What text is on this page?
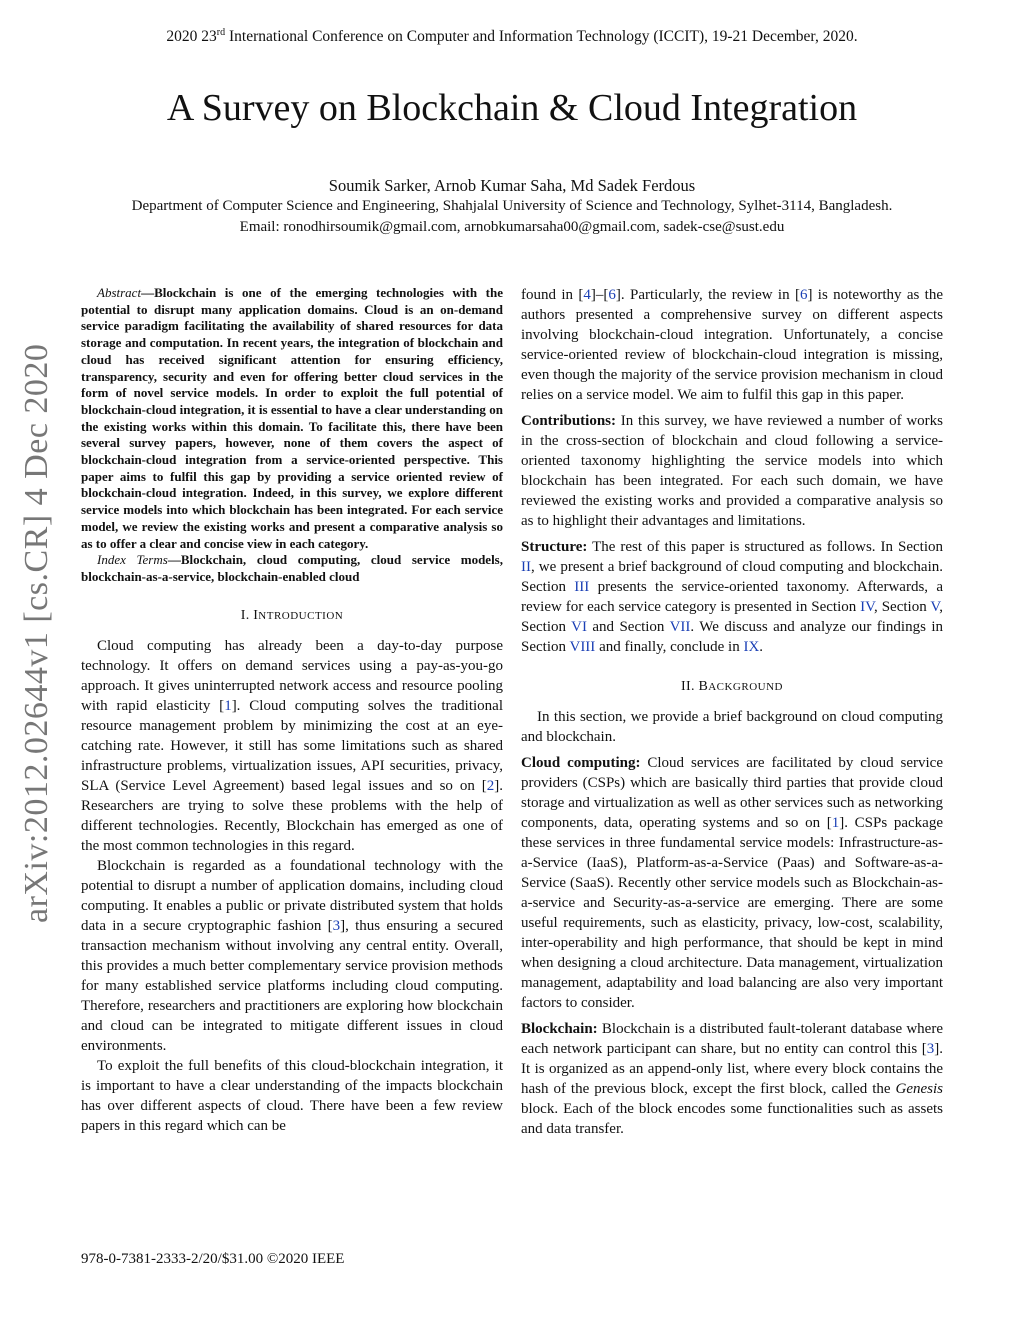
2020 23rd International Conference on Computer and Information Technology (ICCIT), 19-21 December, 2020.
A Survey on Blockchain & Cloud Integration
Soumik Sarker, Arnob Kumar Saha, Md Sadek Ferdous
Department of Computer Science and Engineering, Shahjalal University of Science and Technology, Sylhet-3114, Bangladesh.
Email: ronodhirsoumik@gmail.com, arnobkumarsaha00@gmail.com, sadek-cse@sust.edu
arXiv:2012.02644v1 [cs.CR] 4 Dec 2020

Abstract—Blockchain is one of the emerging technologies with the potential to disrupt many application domains. Cloud is an on-demand service paradigm facilitating the availability of shared resources for data storage and computation. In recent years, the integration of blockchain and cloud has received significant attention for ensuring efficiency, transparency, security and even for offering better cloud services in the form of novel service models. In order to exploit the full potential of blockchain-cloud integration, it is essential to have a clear understanding on the existing works within this domain. To facilitate this, there have been several survey papers, however, none of them covers the aspect of blockchain-cloud integration from a service-oriented perspective. This paper aims to fulfil this gap by providing a service oriented review of blockchain-cloud integration. Indeed, in this survey, we explore different service models into which blockchain has been integrated. For each service model, we review the existing works and present a comparative analysis so as to offer a clear and concise view in each category.

Index Terms—Blockchain, cloud computing, cloud service models, blockchain-as-a-service, blockchain-enabled cloud

I. INTRODUCTION

Cloud computing has already been a day-to-day purpose technology. It offers on demand services using a pay-as-you-go approach. It gives uninterrupted network access and resource pooling with rapid elasticity [1]. Cloud computing solves the traditional resource management problem by minimizing the cost at an eye-catching rate. However, it still has some limitations such as shared infrastructure problems, virtualization issues, API securities, privacy, SLA (Service Level Agreement) based legal issues and so on [2]. Researchers are trying to solve these problems with the help of different technologies. Recently, Blockchain has emerged as one of the most common technologies in this regard.

Blockchain is regarded as a foundational technology with the potential to disrupt a number of application domains, including cloud computing. It enables a public or private distributed system that holds data in a secure cryptographic fashion [3], thus ensuring a secured transaction mechanism without involving any central entity. Overall, this provides a much better complementary service provision methods for many established service platforms including cloud computing. Therefore, researchers and practitioners are exploring how blockchain and cloud can be integrated to mitigate different issues in cloud environments.

To exploit the full benefits of this cloud-blockchain integration, it is important to have a clear understanding of the impacts blockchain has over different aspects of cloud. There have been a few review papers in this regard which can be

found in [4]–[6]. Particularly, the review in [6] is noteworthy as the authors presented a comprehensive survey on different aspects involving blockchain-cloud integration. Unfortunately, a concise service-oriented review of blockchain-cloud integration is missing, even though the majority of the service provision mechanism in cloud relies on a service model. We aim to fulfil this gap in this paper.

Contributions: In this survey, we have reviewed a number of works in the cross-section of blockchain and cloud following a service-oriented taxonomy highlighting the service models into which blockchain has been integrated. For each such domain, we have reviewed the existing works and provided a comparative analysis so as to highlight their advantages and limitations.

Structure: The rest of this paper is structured as follows. In Section II, we present a brief background of cloud computing and blockchain. Section III presents the service-oriented taxonomy. Afterwards, a review for each service category is presented in Section IV, Section V, Section VI and Section VII. We discuss and analyze our findings in Section VIII and finally, conclude in IX.

II. BACKGROUND

In this section, we provide a brief background on cloud computing and blockchain.

Cloud computing: Cloud services are facilitated by cloud service providers (CSPs) which are basically third parties that provide cloud storage and virtualization as well as other services such as networking components, data, operating systems and so on [1]. CSPs package these services in three fundamental service models: Infrastructure-as-a-Service (IaaS), Platform-as-a-Service (Paas) and Software-as-a-Service (SaaS). Recently other service models such as Blockchain-as-a-service and Security-as-a-service are emerging. There are some useful requirements, such as elasticity, privacy, low-cost, scalability, inter-operability and high performance, that should be kept in mind when designing a cloud architecture. Data management, virtualization management, adaptability and load balancing are also very important factors to consider.

Blockchain: Blockchain is a distributed fault-tolerant database where each network participant can share, but no entity can control this [3]. It is organized as an append-only list, where every block contains the hash of the previous block, except the first block, called the Genesis block. Each of the block encodes some functionalities such as assets and data transfer.

978-0-7381-2333-2/20/$31.00 ©2020 IEEE
